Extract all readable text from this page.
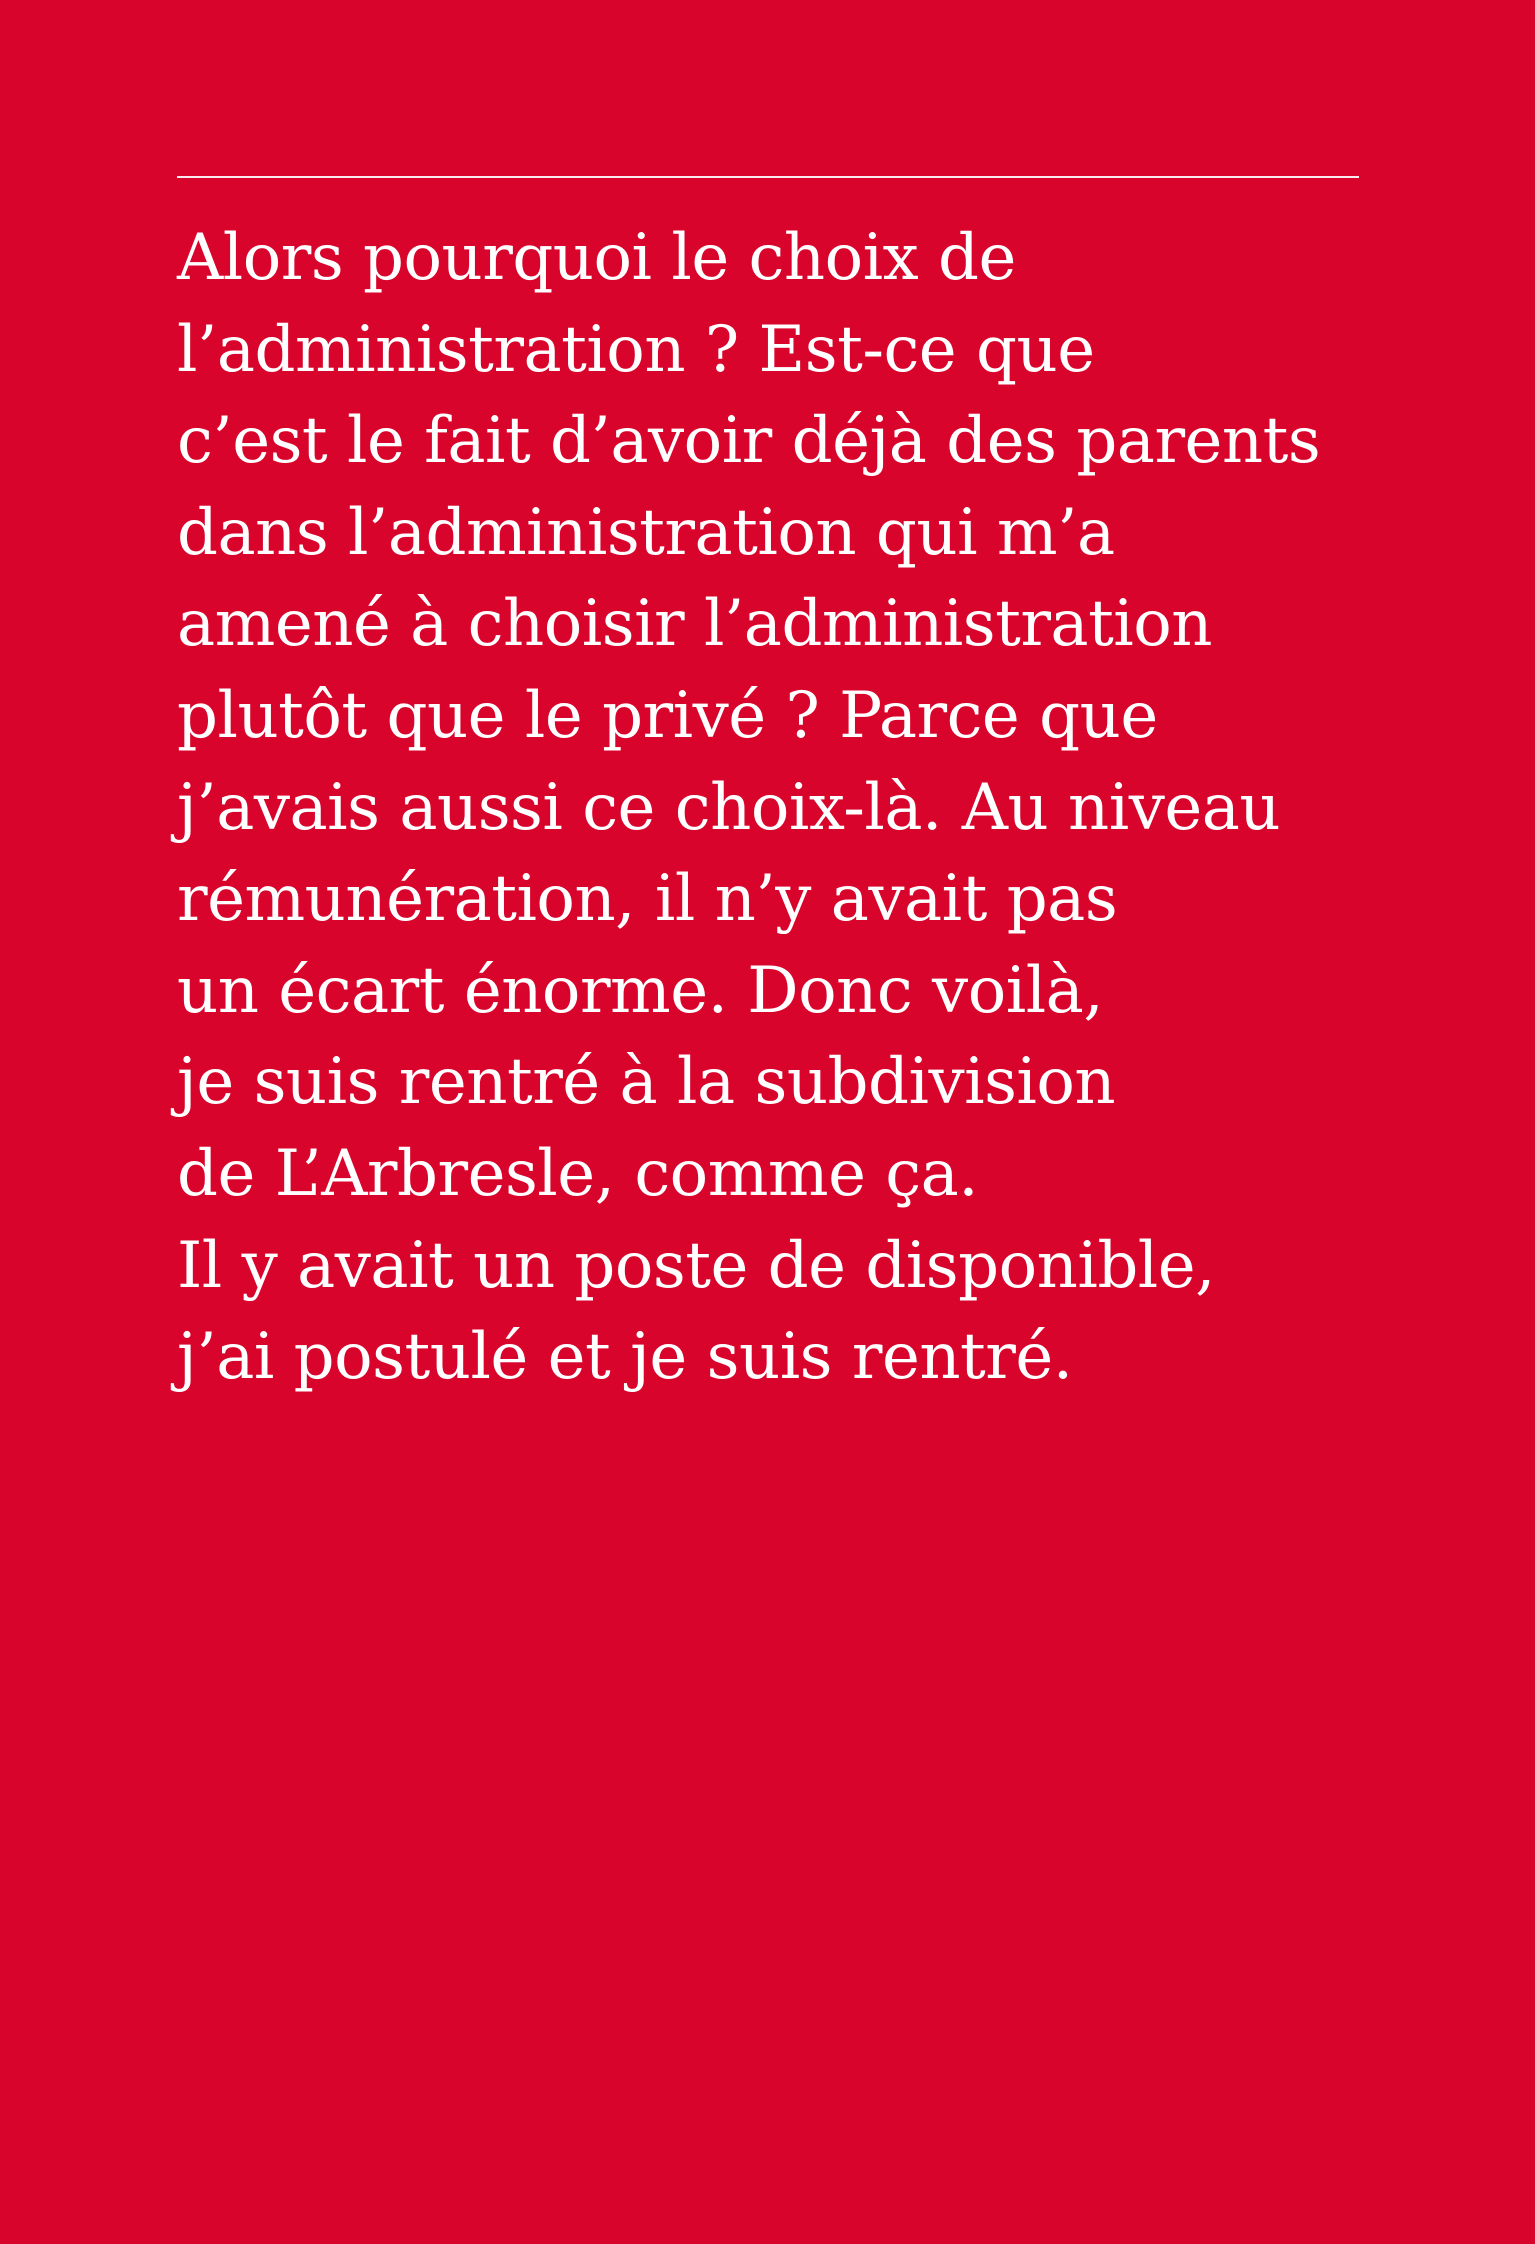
Alors pourquoi le choix de
l’administration ? Est-ce que
c’est le fait d’avoir déjà des parents
dans l’administration qui m’a
amené à choisir l’administration
plutôt que le privé ? Parce que
j’avais aussi ce choix-là. Au niveau
rémunération, il n’y avait pas
un écart énorme. Donc voilà,
je suis rentré à la subdivision
de L’Arbresle, comme ça.
Il y avait un poste de disponible,
j’ai postulé et je suis rentré.
